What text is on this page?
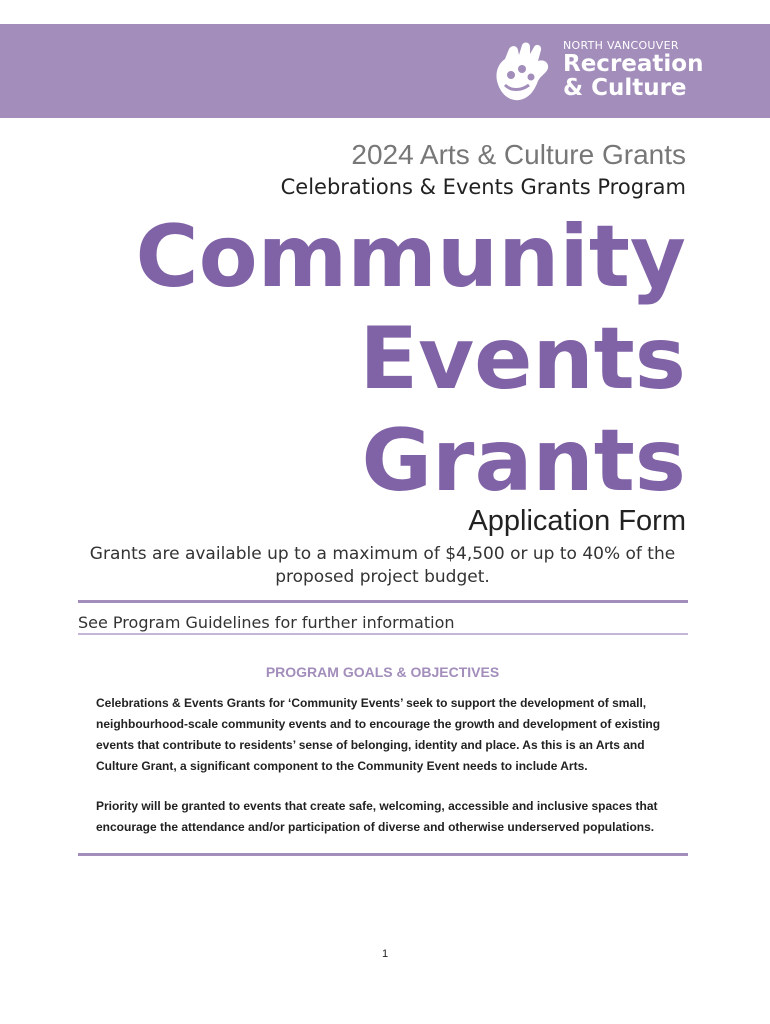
NORTH VANCOUVER
Recreation
& Culture
2024 Arts & Culture Grants
Celebrations & Events Grants Program
Community
Events
Grants
Application Form
Grants are available up to a maximum of $4,500 or up to 40% of the proposed project budget.
See Program Guidelines for further information
PROGRAM GOALS & OBJECTIVES
Celebrations & Events Grants for ‘Community Events’ seek to support the development of small, neighbourhood-scale community events and to encourage the growth and development of existing events that contribute to residents’ sense of belonging, identity and place. As this is an Arts and Culture Grant, a significant component to the Community Event needs to include Arts.
Priority will be granted to events that create safe, welcoming, accessible and inclusive spaces that encourage the attendance and/or participation of diverse and otherwise underserved populations.
1
